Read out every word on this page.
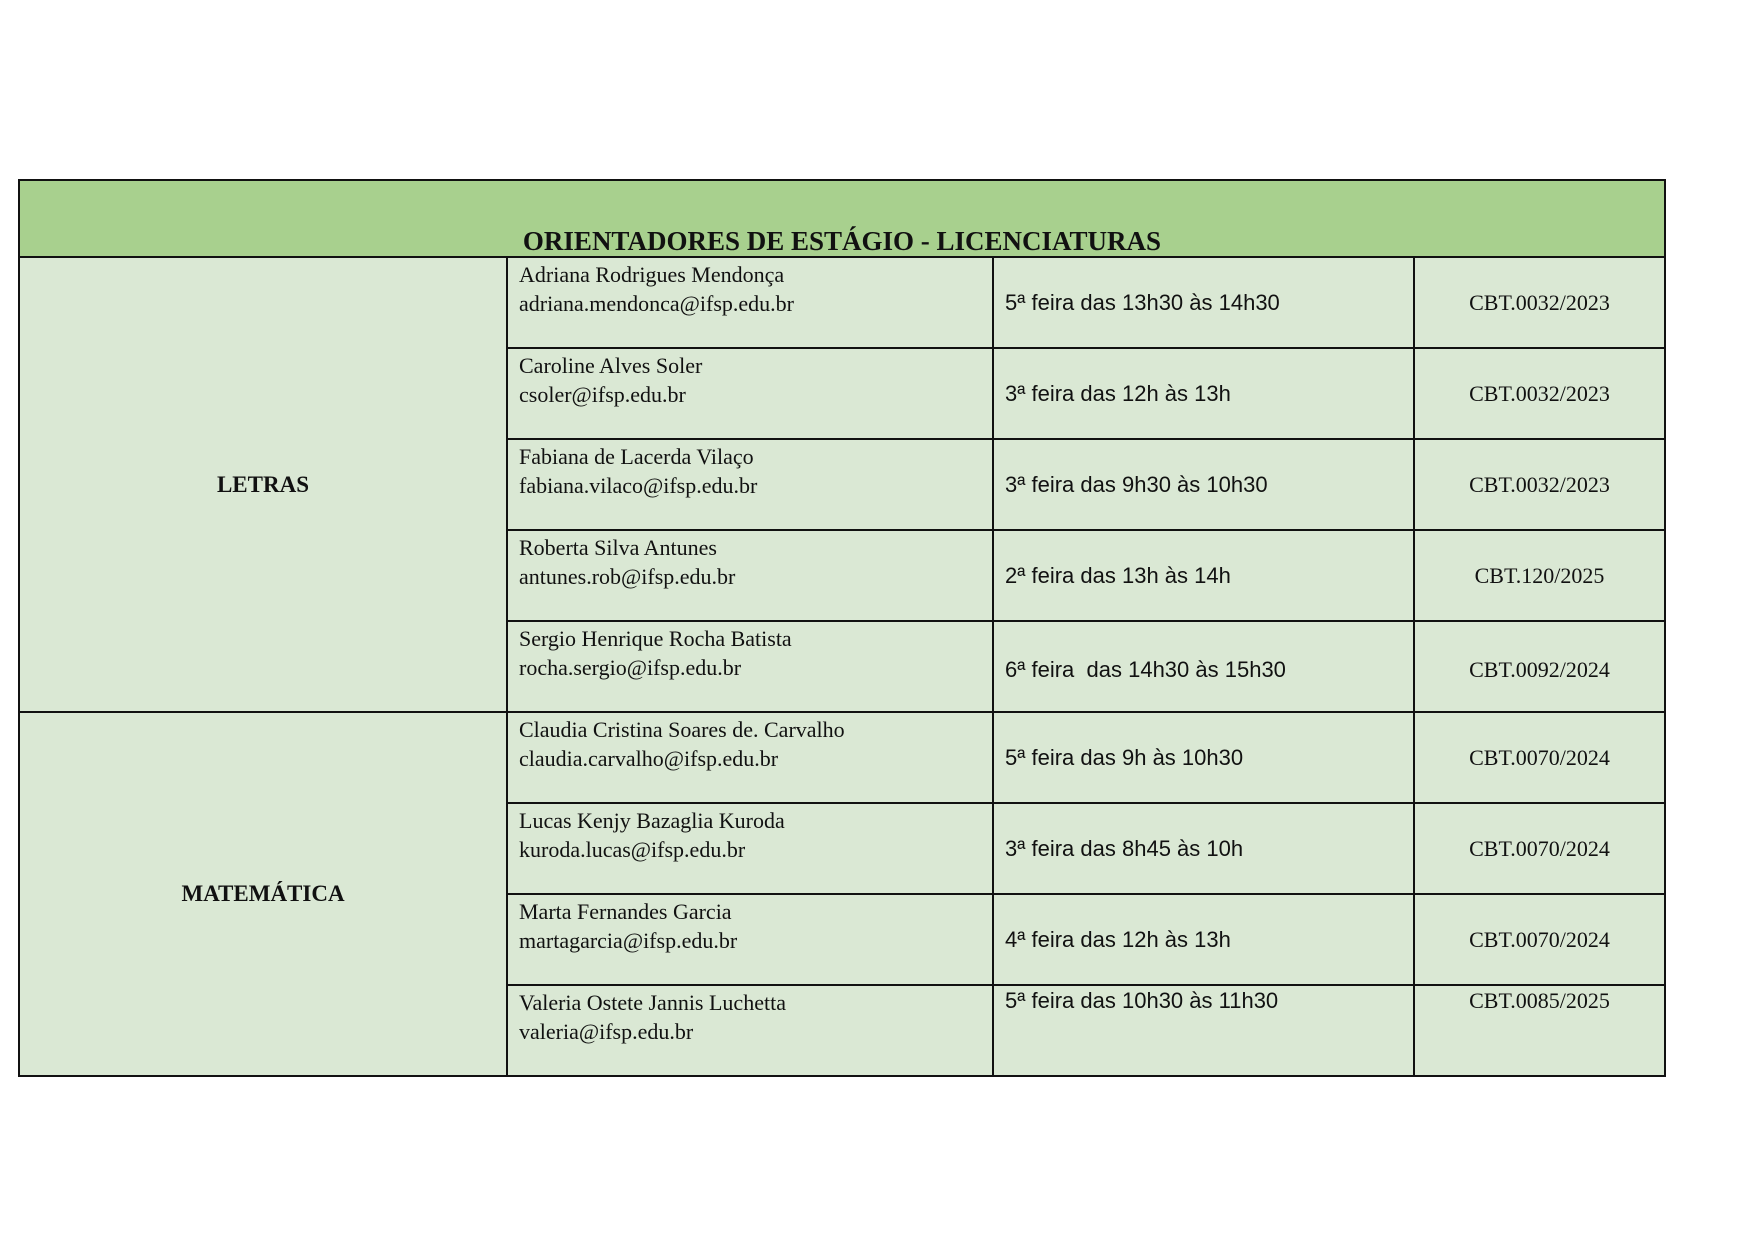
ORIENTADORES DE ESTÁGIO - LICENCIATURAS			
LETRAS	Adriana Rodrigues Mendonça
adriana.mendonca@ifsp.edu.br	5ª feira das 13h30 às 14h30	CBT.0032/2023

	Caroline Alves Soler
csoler@ifsp.edu.br	3ª feira das 12h às 13h	CBT.0032/2023

	Fabiana de Lacerda Vilaço
fabiana.vilaco@ifsp.edu.br	3ª feira das 9h30 às 10h30	CBT.0032/2023

	Roberta Silva Antunes
antunes.rob@ifsp.edu.br	2ª feira das 13h às 14h	CBT.120/2025

	Sergio Henrique Rocha Batista
rocha.sergio@ifsp.edu.br	6ª feira  das 14h30 às 15h30	CBT.0092/2024

MATEMÁTICA	Claudia Cristina Soares de. Carvalho
claudia.carvalho@ifsp.edu.br	5ª feira das 9h às 10h30	CBT.0070/2024

	Lucas Kenjy Bazaglia Kuroda
kuroda.lucas@ifsp.edu.br	3ª feira das 8h45 às 10h	CBT.0070/2024

	Marta Fernandes Garcia
martagarcia@ifsp.edu.br	4ª feira das 12h às 13h	CBT.0070/2024

	Valeria Ostete Jannis Luchetta
valeria@ifsp.edu.br	5ª feira das 10h30 às 11h30	CBT.0085/2025
